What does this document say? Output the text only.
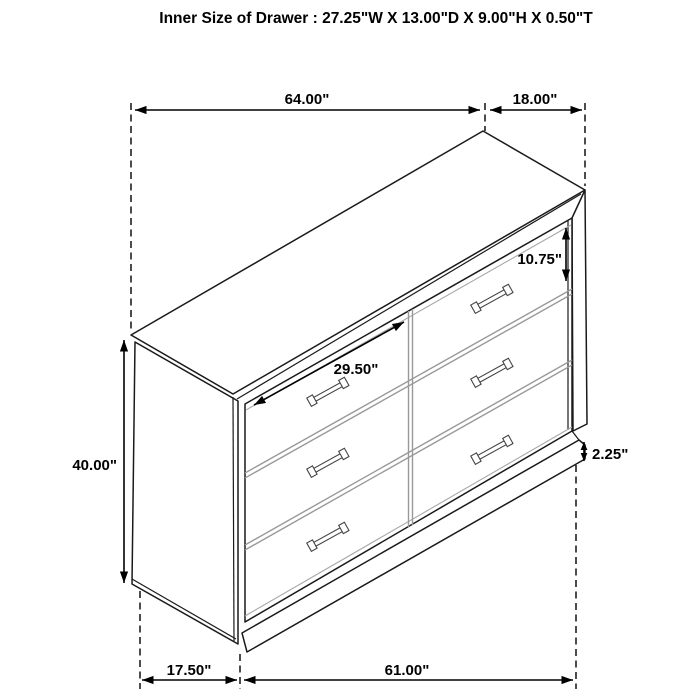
64.00"	18.00"
10.75"
29.50"
40.00"
2.25"
17.50"	61.00"
Inner Size of Drawer : 27.25"W X 13.00"D X 9.00"H X 0.50"T
